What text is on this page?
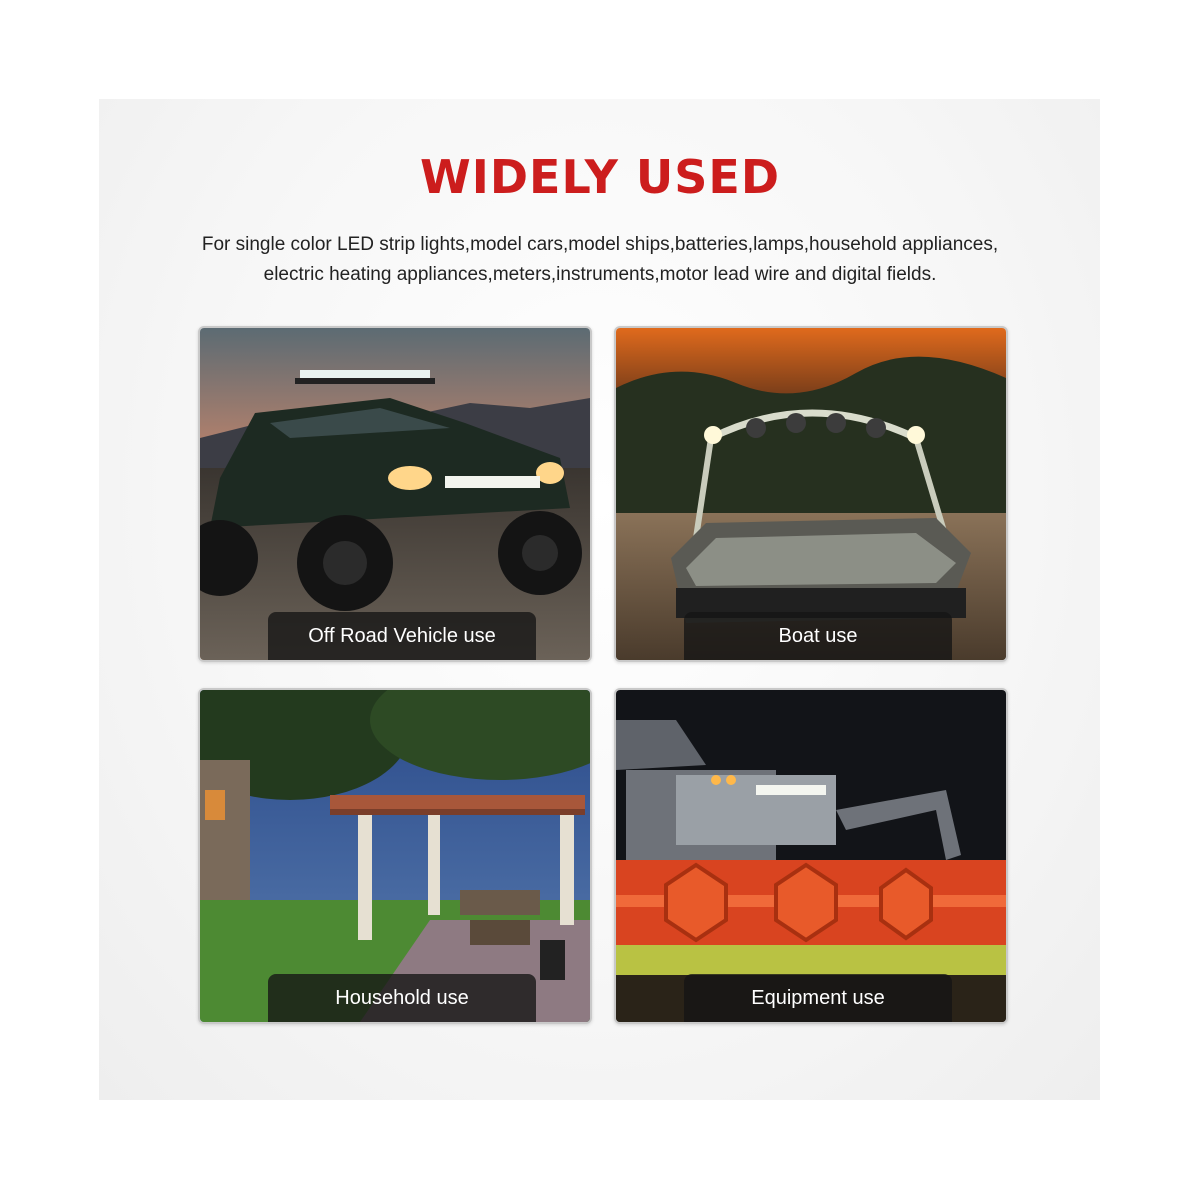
WIDELY USED
For single color LED strip lights,model cars,model ships,batteries,lamps,household appliances,
electric heating appliances,meters,instruments,motor lead wire and digital fields.
Off Road Vehicle use	Boat use
Household use	Equipment use
